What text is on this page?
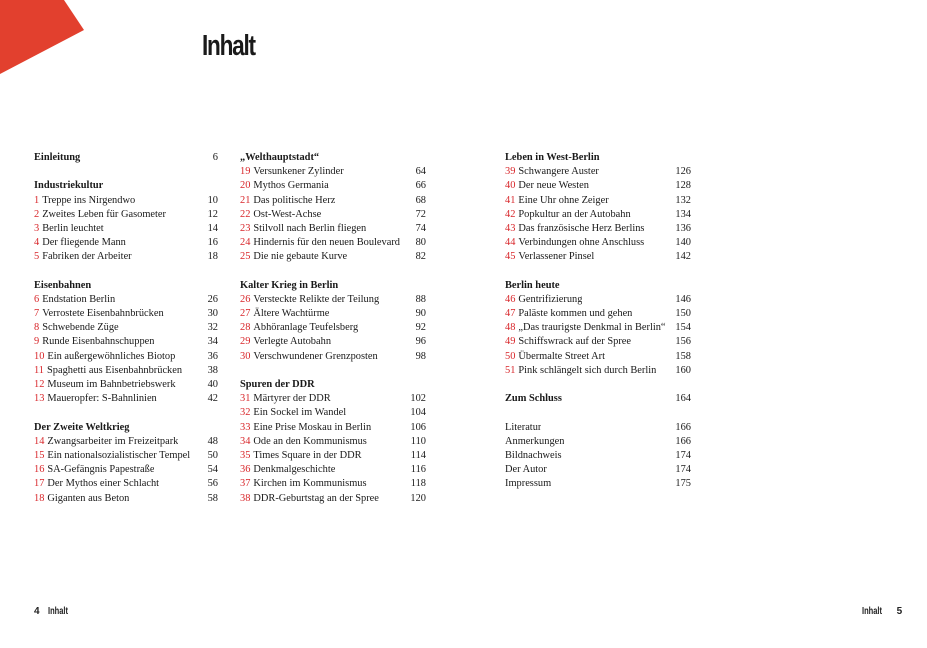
Inhalt
Einleitung	6
Industriekultur
1 Treppe ins Nirgendwo	10
2 Zweites Leben für Gasometer	12
3 Berlin leuchtet	14
4 Der fliegende Mann	16
5 Fabriken der Arbeiter	18
Eisenbahnen
6 Endstation Berlin	26
7 Verrostete Eisenbahnbrücken	30
8 Schwebende Züge	32
9 Runde Eisenbahnschuppen	34
10 Ein außergewöhnliches Biotop	36
11 Spaghetti aus Eisenbahnbrücken	38
12 Museum im Bahnbetriebswerk	40
13 Maueropfer: S-Bahnlinien	42
Der Zweite Weltkrieg
14 Zwangsarbeiter im Freizeitpark	48
15 Ein nationalsozialistischer Tempel	50
16 SA-Gefängnis Papestraße	54
17 Der Mythos einer Schlacht	56
18 Giganten aus Beton	58
„Welthauptstadt“
19 Versunkener Zylinder	64
20 Mythos Germania	66
21 Das politische Herz	68
22 Ost-West-Achse	72
23 Stilvoll nach Berlin fliegen	74
24 Hindernis für den neuen Boulevard	80
25 Die nie gebaute Kurve	82
Kalter Krieg in Berlin
26 Versteckte Relikte der Teilung	88
27 Ältere Wachtürme	90
28 Abhöranlage Teufelsberg	92
29 Verlegte Autobahn	96
30 Verschwundener Grenzposten	98
Spuren der DDR
31 Märtyrer der DDR	102
32 Ein Sockel im Wandel	104
33 Eine Prise Moskau in Berlin	106
34 Ode an den Kommunismus	110
35 Times Square in der DDR	114
36 Denkmalgeschichte	116
37 Kirchen im Kommunismus	118
38 DDR-Geburtstag an der Spree	120
Leben in West-Berlin
39 Schwangere Auster	126
40 Der neue Westen	128
41 Eine Uhr ohne Zeiger	132
42 Popkultur an der Autobahn	134
43 Das französische Herz Berlins	136
44 Verbindungen ohne Anschluss	140
45 Verlassener Pinsel	142
Berlin heute
46 Gentrifizierung	146
47 Paläste kommen und gehen	150
48 „Das traurigste Denkmal in Berlin“ 154
49 Schiffswrack auf der Spree	156
50 Übermalte Street Art	158
51 Pink schlängelt sich durch Berlin 160
Zum Schluss	164
Literatur	166
Anmerkungen	166
Bildnachweis	174
Der Autor	174
Impressum	175
4 Inhalt	Inhalt 5
